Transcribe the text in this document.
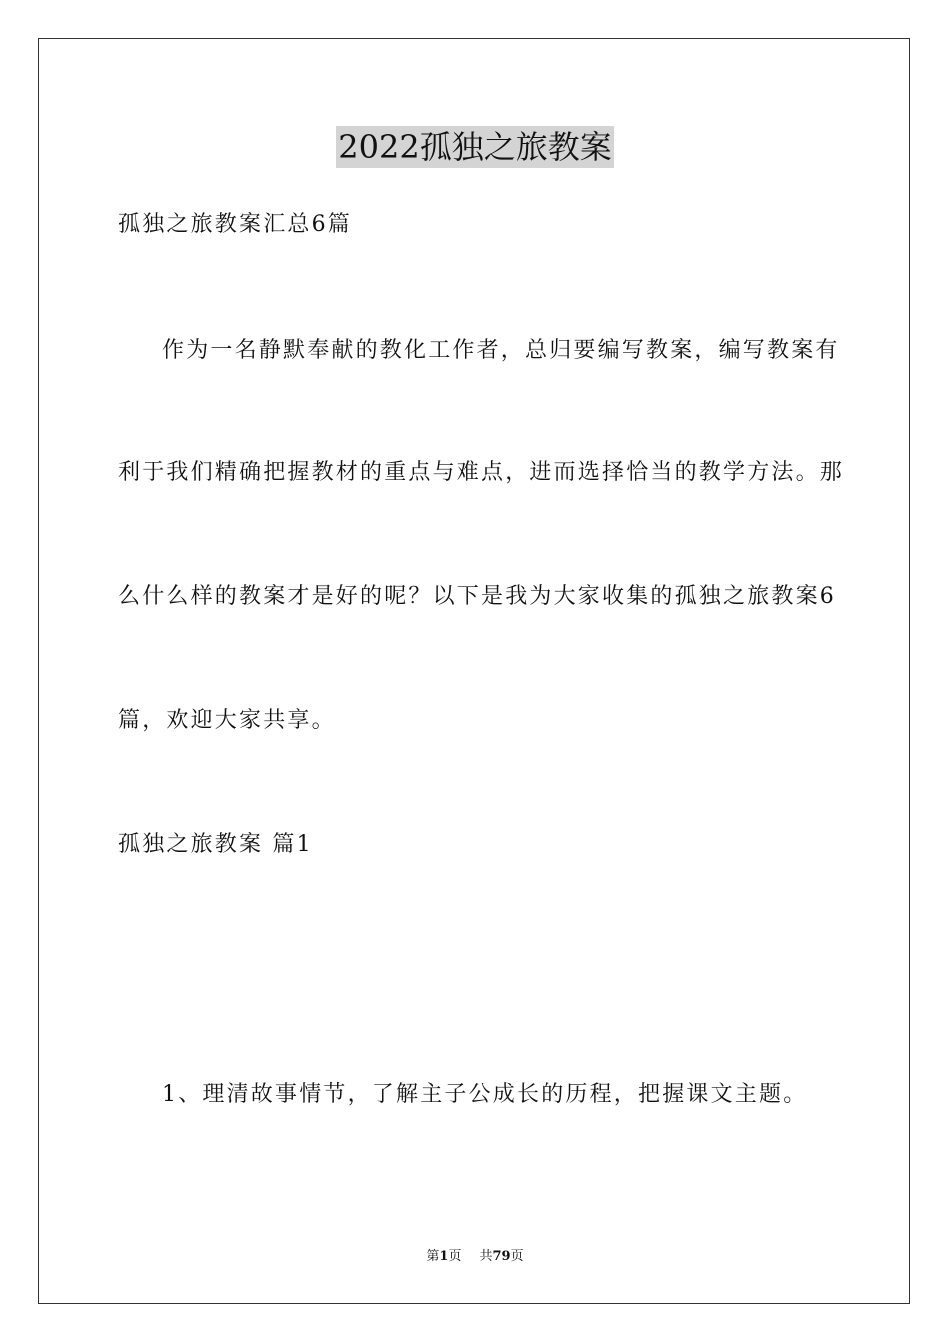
2022孤独之旅教案
孤独之旅教案汇总6篇
作为一名静默奉献的教化工作者，总归要编写教案，编写教案有
利于我们精确把握教材的重点与难点，进而选择恰当的教学方法。那
么什么样的教案才是好的呢？以下是我为大家收集的孤独之旅教案6
篇，欢迎大家共享。
孤独之旅教案 篇1
1、理清故事情节，了解主子公成长的历程，把握课文主题。
第1页 共79页
